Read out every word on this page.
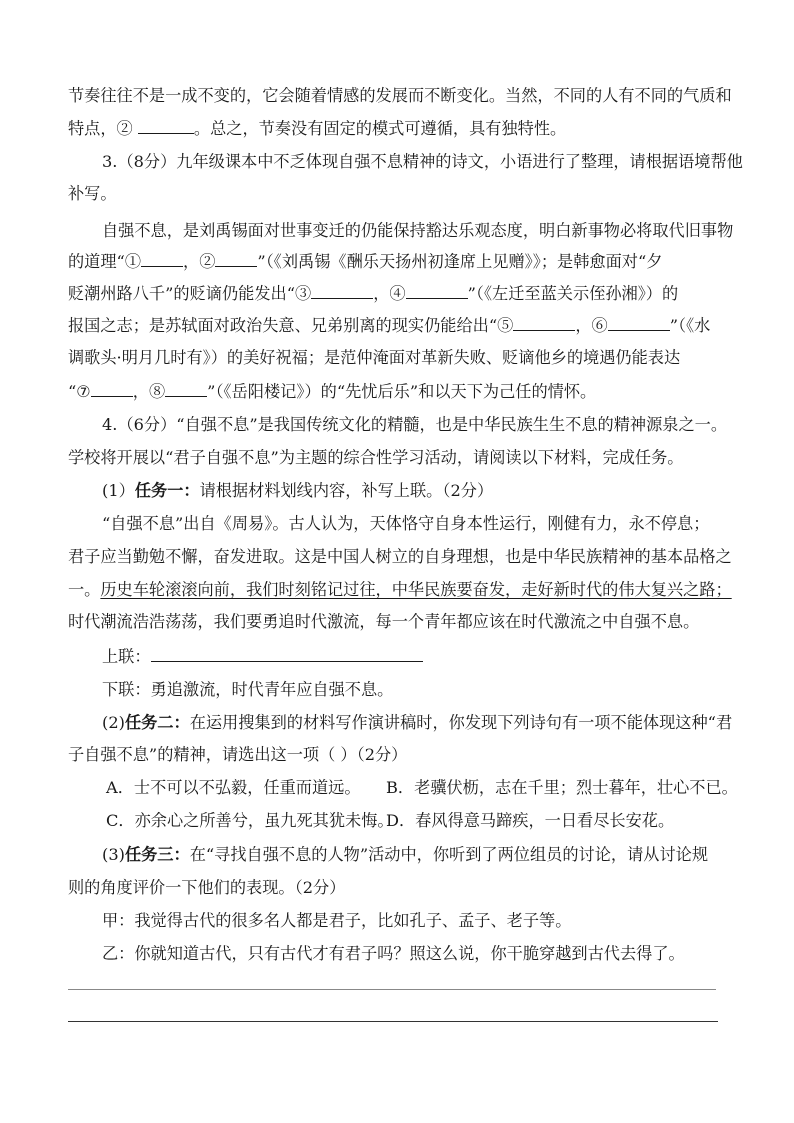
节奏往往不是一成不变的，它会随着情感的发展而不断变化。当然，不同的人有不同的气质和
特点，②	。总之，节奏没有固定的模式可遵循，具有独特性。
3.（8分）九年级课本中不乏体现自强不息精神的诗文，小语进行了整理，请根据语境帮他
补写。
自强不息，是刘禹锡面对世事变迁的仍能保持豁达乐观态度，明白新事物必将取代旧事物
的道理“①	，②	”（《刘禹锡《酬乐天扬州初逢席上见赠》》；是韩愈面对“夕
贬潮州路八千”的贬谪仍能发出“③	，④	”（《左迁至蓝关示侄孙湘》）的
报国之志；是苏轼面对政治失意、兄弟别离的现实仍能给出“⑤	，⑥	”（《水
调歌头·明月几时有》）的美好祝福；是范仲淹面对革新失败、贬谪他乡的境遇仍能表达
“⑦	，⑧	”（《岳阳楼记》）的“先忧后乐”和以天下为己任的情怀。
4.（6分）“自强不息”是我国传统文化的精髓，也是中华民族生生不息的精神源泉之一。
学校将开展以“君子自强不息”为主题的综合性学习活动，请阅读以下材料，完成任务。
(1）任务一：请根据材料划线内容，补写上联。（2分）
“自强不息”出自《周易》。古人认为，天体恪守自身本性运行，刚健有力，永不停息；
君子应当勤勉不懈，奋发进取。这是中国人树立的自身理想，也是中华民族精神的基本品格之
一。历史车轮滚滚向前，我们时刻铭记过往，中华民族要奋发，走好新时代的伟大复兴之路；
时代潮流浩浩荡荡，我们要勇追时代激流，每一个青年都应该在时代激流之中自强不息。
上联：
下联：勇追激流，时代青年应自强不息。
(2)任务二：在运用搜集到的材料写作演讲稿时，你发现下列诗句有一项不能体现这种“君
子自强不息”的精神，请选出这一项（ ）（2分）
A．士不可以不弘毅，任重而道远。 B．老骥伏枥，志在千里；烈士暮年，壮心不已。
C．亦余心之所善兮，虽九死其犹未悔。
D．春风得意马蹄疾，一日看尽长安花。
(3)任务三：在“寻找自强不息的人物”活动中，你听到了两位组员的讨论，请从讨论规
则的角度评价一下他们的表现。（2分）
甲：我觉得古代的很多名人都是君子，比如孔子、孟子、老子等。
乙：你就知道古代，只有古代才有君子吗？照这么说，你干脆穿越到古代去得了。
